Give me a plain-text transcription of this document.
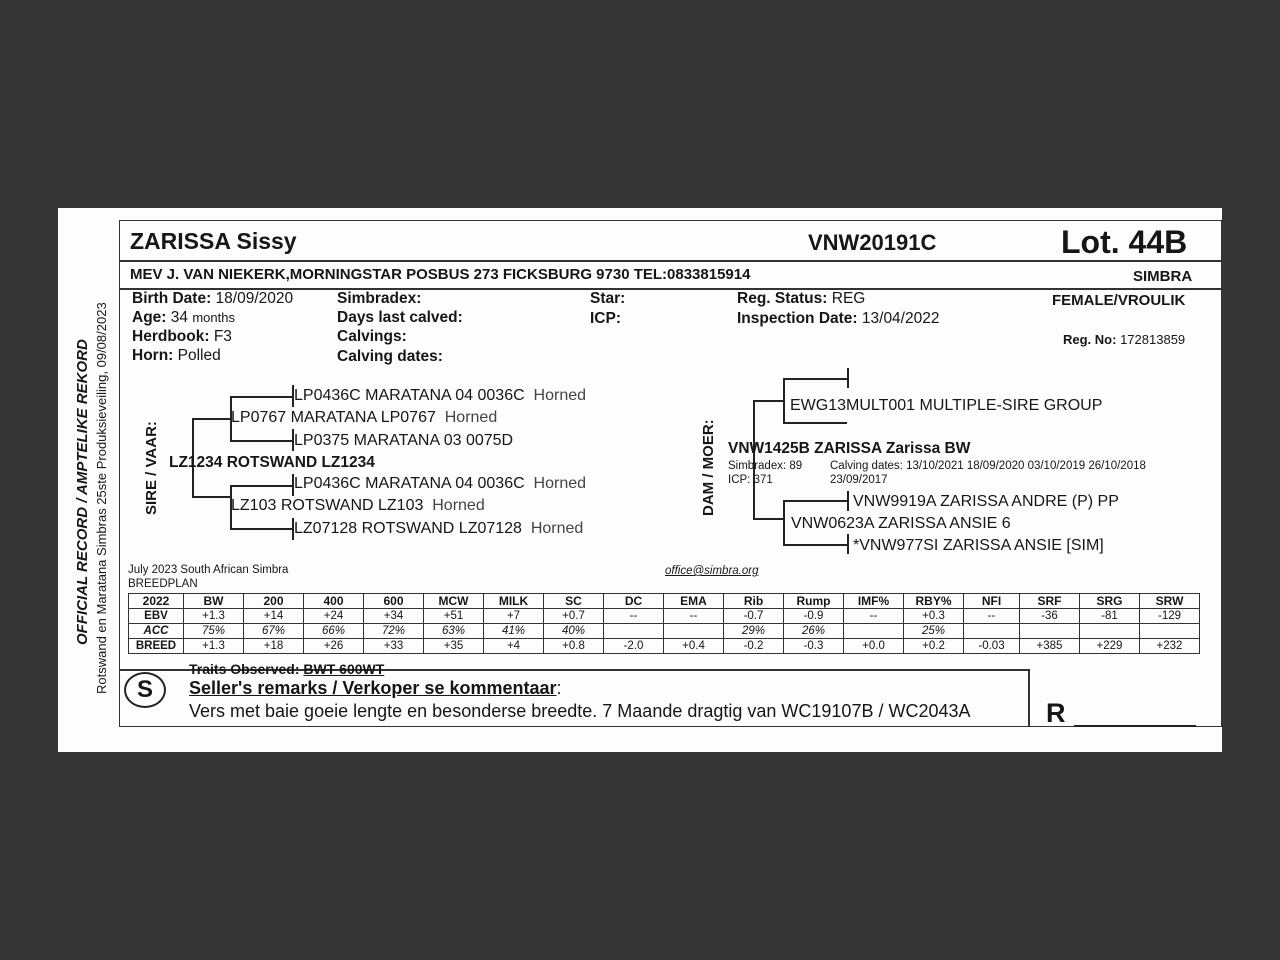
OFFICIAL RECORD / AMPTELIKE REKORD Rotswand en Maratana Simbras 25ste Produksieveiling, 09/08/2023
ZARISSA Sissy	VNW20191C	Lot. 44B
MEV J. VAN NIEKERK,MORNINGSTAR POSBUS 273 FICKSBURG 9730 TEL:0833815914	SIMBRA
Birth Date: 18/09/2020
Age: 34 months
Herdbook: F3
Horn: Polled
Simbradex:
Days last calved:
Calvings:
Calving dates:
Star:
ICP:
Reg. Status: REG
Inspection Date: 13/04/2022
FEMALE/VROULIK
Reg. No: 172813859
SIRE / VAAR:
LP0436C MARATANA 04 0036C Horned
LP0767 MARATANA LP0767 Horned
LP0375 MARATANA 03 0075D
LZ1234 ROTSWAND LZ1234
LP0436C MARATANA 04 0036C Horned
LZ103 ROTSWAND LZ103 Horned
LZ07128 ROTSWAND LZ07128 Horned
DAM / MOER:
EWG13MULT001 MULTIPLE-SIRE GROUP
VNW1425B ZARISSA Zarissa BW
Simbradex: 89
ICP: 371
Calving dates: 13/10/2021 18/09/2020 03/10/2019 26/10/2018
23/09/2017
VNW9919A ZARISSA ANDRE (P) PP
VNW0623A ZARISSA ANSIE 6
*VNW977SI ZARISSA ANSIE [SIM]
July 2023 South African Simbra
BREEDPLAN
office@simbra.org
2022	BW	200	400	600	MCW	MILK	SC	DC	EMA	Rib	Rump	IMF%	RBY%	NFI	SRF	SRG	SRW
EBV	+1.3	+14	+24	+34	+51	+7	+0.7	--	--	-0.7	-0.9	--	+0.3	--	-36	-81	-129
ACC	75%	67%	66%	72%	63%	41%	40%			29%	26%		25%				
BREED	+1.3	+18	+26	+33	+35	+4	+0.8	-2.0	+0.4	-0.2	-0.3	+0.0	+0.2	-0.03	+385	+229	+232
Traits Observed: BWT 600WT
S	Seller's remarks / Verkoper se kommentaar:
Vers met baie goeie lengte en besonderse breedte. 7 Maande dragtig van WC19107B / WC2043A	R
